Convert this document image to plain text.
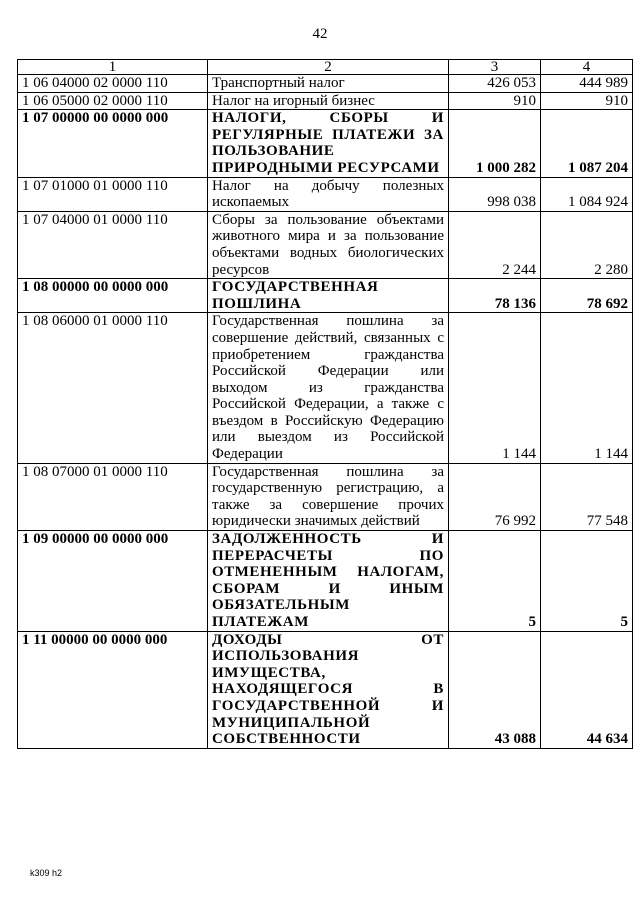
42
1	2	3	4
1 06 04000 02 0000 110	Транспортный налог	426 053	444 989
1 06 05000 02 0000 110	Налог на игорный бизнес	910	910
1 07 00000 00 0000 000	НАЛОГИ, СБОРЫ И РЕГУЛЯРНЫЕ ПЛАТЕЖИ ЗА ПОЛЬЗОВАНИЕ ПРИРОДНЫМИ РЕСУРСАМИ	1 000 282	1 087 204
1 07 01000 01 0000 110	Налог на добычу полезных ископаемых	998 038	1 084 924
1 07 04000 01 0000 110	Сборы за пользование объектами животного мира и за пользование объектами водных биологических ресурсов	2 244	2 280
1 08 00000 00 0000 000	ГОСУДАРСТВЕННАЯ ПОШЛИНА	78 136	78 692
1 08 06000 01 0000 110	Государственная пошлина за совершение действий, связанных с приобретением гражданства Российской Федерации или выходом из гражданства Российской Федерации, а также с въездом в Российскую Федерацию или выездом из Российской Федерации	1 144	1 144
1 08 07000 01 0000 110	Государственная пошлина за государственную регистрацию, а также за совершение прочих юридически значимых действий	76 992	77 548
1 09 00000 00 0000 000	ЗАДОЛЖЕННОСТЬ И ПЕРЕРАСЧЕТЫ ПО ОТМЕНЕННЫМ НАЛОГАМ, СБОРАМ И ИНЫМ ОБЯЗАТЕЛЬНЫМ ПЛАТЕЖАМ	5	5
1 11 00000 00 0000 000	ДОХОДЫ ОТ ИСПОЛЬЗОВАНИЯ ИМУЩЕСТВА, НАХОДЯЩЕГОСЯ В ГОСУДАРСТВЕННОЙ И МУНИЦИПАЛЬНОЙ СОБСТВЕННОСТИ	43 088	44 634
k309 h2
